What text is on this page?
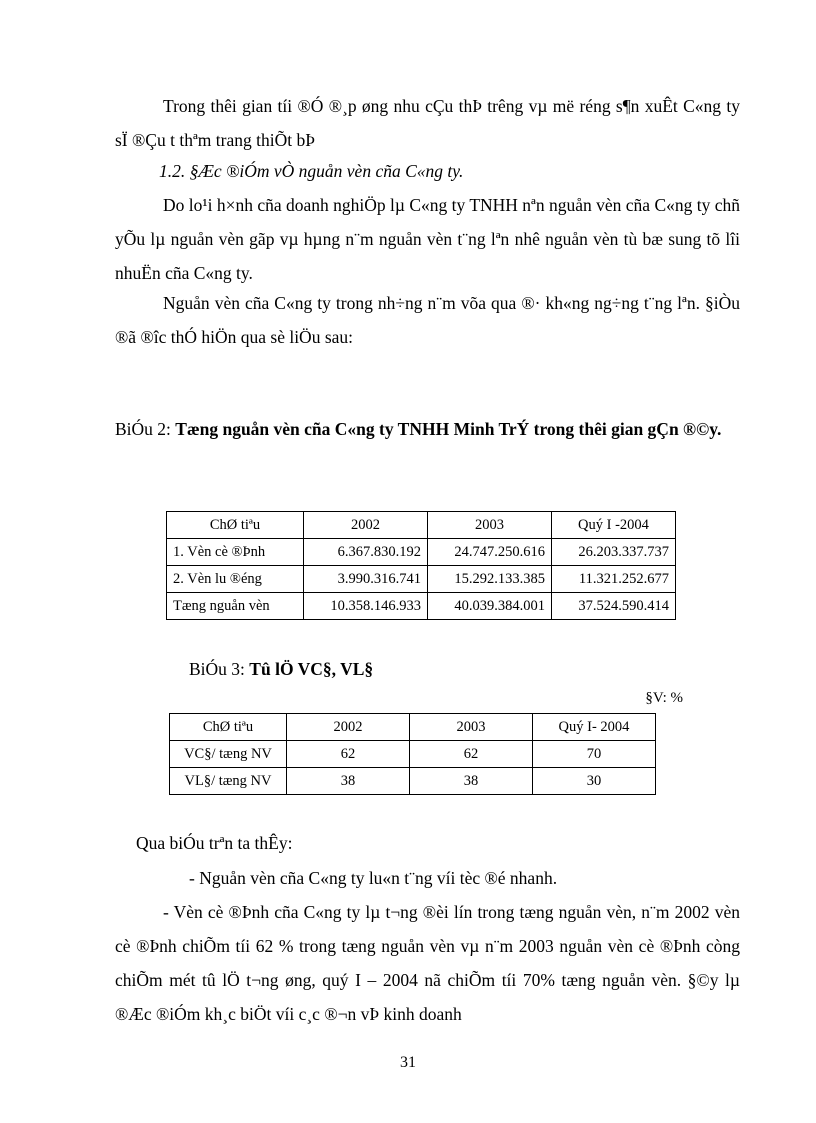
Trong thêi gian tíi ®Ó ®¸p øng nhu cÇu thÞ trêng vµ më réng s¶n xuÊt C«ng ty sÏ ®Çu t thªm trang thiÕt bÞ

1.2. §Æc ®iÓm vÒ nguån vèn cña C«ng ty.

Do lo¹i h×nh cña doanh nghiÖp lµ C«ng ty TNHH nªn nguån vèn cña C«ng ty chñ yÕu lµ nguån vèn gãp vµ hµng n¨m nguån vèn t¨ng lªn nhê nguån vèn tù bæ sung tõ lîi nhuËn cña C«ng ty.

Nguån vèn cña C«ng ty trong nh÷ng n¨m võa qua ®· kh«ng ng÷ng t¨ng lªn. §iÒu ®ã ®îc thÓ hiÖn qua sè liÖu sau:

BiÓu 2: Tæng nguån vèn cña C«ng ty TNHH Minh TrÝ trong thêi gian gÇn ®©y.

ChØ tiªu	2002	2003	Quý I -2004
1. Vèn cè ®Þnh	6.367.830.192	24.747.250.616	26.203.337.737
2. Vèn lu ®éng	3.990.316.741	15.292.133.385	11.321.252.677
Tæng nguån vèn	10.358.146.933	40.039.384.001	37.524.590.414

BiÓu 3: Tû lÖ VC§, VL§

§V: %
ChØ tiªu	2002	2003	Quý I- 2004
VC§/ tæng NV	62	62	70
VL§/ tæng NV	38	38	30

Qua biÓu trªn ta thÊy:

- Nguån vèn cña C«ng ty lu«n t¨ng víi tèc ®é nhanh.

- Vèn cè ®Þnh cña C«ng ty lµ t¬ng ®èi lín trong tæng nguån vèn, n¨m 2002 vèn cè ®Þnh chiÕm tíi 62 % trong tæng nguån vèn vµ n¨m 2003 nguån vèn cè ®Þnh còng chiÕm mét tû lÖ t¬ng øng, quý I – 2004 nã chiÕm tíi 70% tæng nguån vèn. §©y lµ ®Æc ®iÓm kh¸c biÖt víi c¸c ®¬n vÞ kinh doanh

31
